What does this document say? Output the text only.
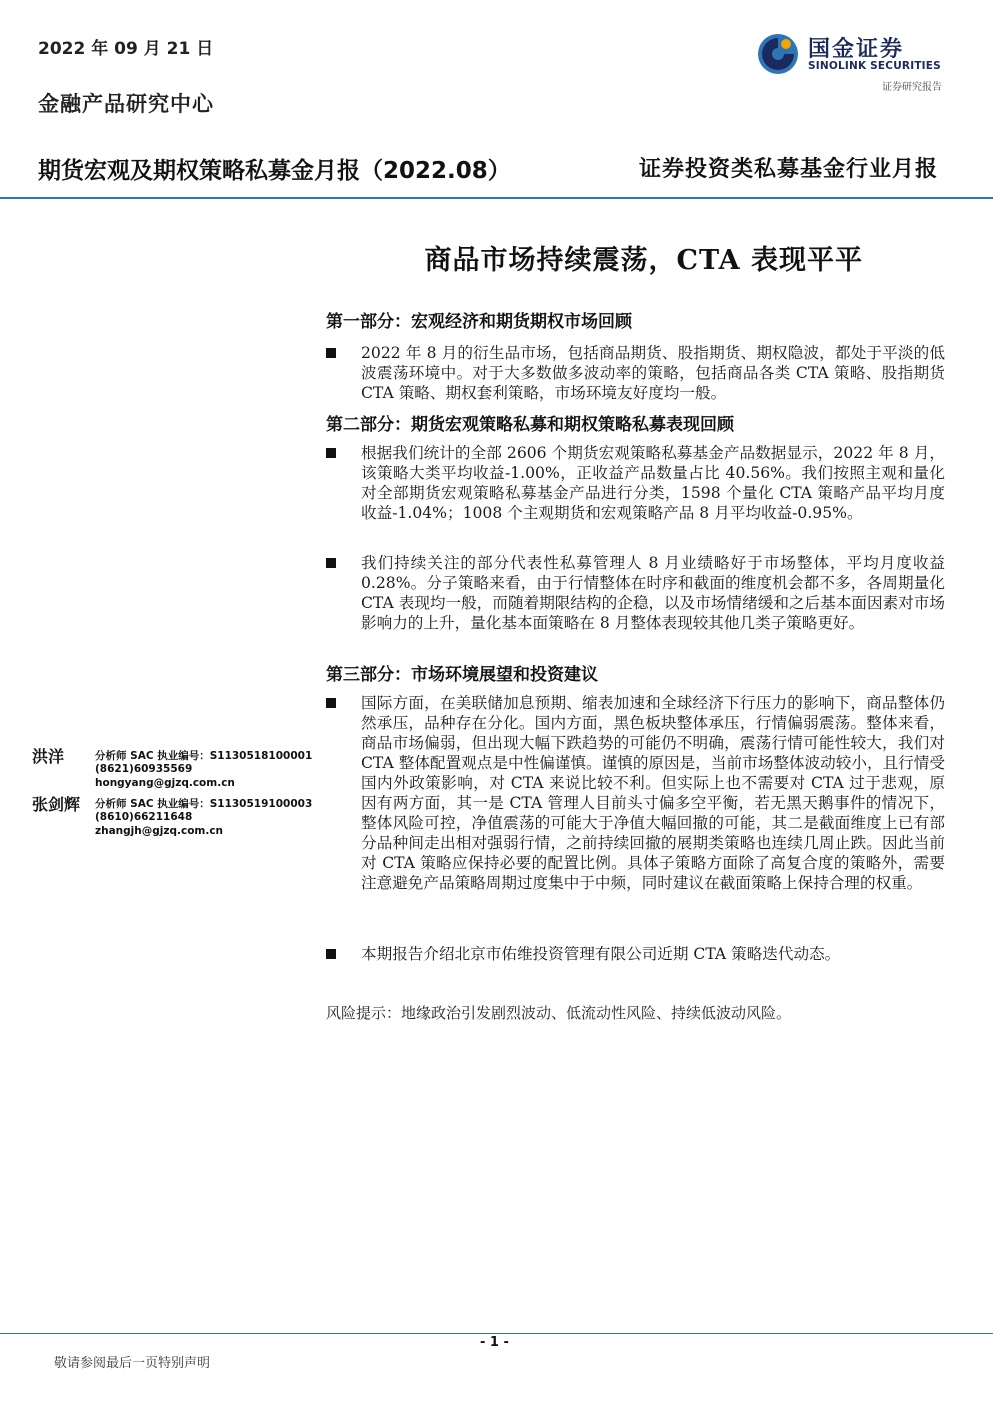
2022 年 09 月 21 日
金融产品研究中心
国金证券
SINOLINK SECURITIES
证券研究报告
期货宏观及期权策略私募金月报（2022.08）	证券投资类私募基金行业月报
商品市场持续震荡，CTA 表现平平
第一部分：宏观经济和期货期权市场回顾
2022 年 8 月的衍生品市场，包括商品期货、股指期货、期权隐波，都处于平淡的低波震荡环境中。对于大多数做多波动率的策略，包括商品各类 CTA 策略、股指期货 CTA 策略、期权套利策略，市场环境友好度均一般。
第二部分：期货宏观策略私募和期权策略私募表现回顾
根据我们统计的全部 2606 个期货宏观策略私募基金产品数据显示，2022 年 8 月，该策略大类平均收益-1.00%，正收益产品数量占比 40.56%。我们按照主观和量化对全部期货宏观策略私募基金产品进行分类，1598 个量化 CTA 策略产品平均月度收益-1.04%；1008 个主观期货和宏观策略产品 8 月平均收益-0.95%。
我们持续关注的部分代表性私募管理人 8 月业绩略好于市场整体，平均月度收益 0.28%。分子策略来看，由于行情整体在时序和截面的维度机会都不多，各周期量化 CTA 表现均一般，而随着期限结构的企稳，以及市场情绪缓和之后基本面因素对市场影响力的上升，量化基本面策略在 8 月整体表现较其他几类子策略更好。
第三部分：市场环境展望和投资建议
国际方面，在美联储加息预期、缩表加速和全球经济下行压力的影响下，商品整体仍然承压，品种存在分化。国内方面，黑色板块整体承压，行情偏弱震荡。整体来看，商品市场偏弱，但出现大幅下跌趋势的可能仍不明确，震荡行情可能性较大，我们对 CTA 整体配置观点是中性偏谨慎。谨慎的原因是，当前市场整体波动较小，且行情受国内外政策影响，对 CTA 来说比较不利。但实际上也不需要对 CTA 过于悲观，原因有两方面，其一是 CTA 管理人目前头寸偏多空平衡，若无黑天鹅事件的情况下，整体风险可控，净值震荡的可能大于净值大幅回撤的可能，其二是截面维度上已有部分品种间走出相对强弱行情，之前持续回撤的展期类策略也连续几周止跌。因此当前对 CTA 策略应保持必要的配置比例。具体子策略方面除了高复合度的策略外，需要注意避免产品策略周期过度集中于中频，同时建议在截面策略上保持合理的权重。
本期报告介绍北京市佑维投资管理有限公司近期 CTA 策略迭代动态。
洪洋	分析师 SAC 执业编号：S1130518100001
(8621)60935569
hongyang@gjzq.com.cn
张剑辉 分析师 SAC 执业编号：S1130519100003
(8610)66211648
zhangjh@gjzq.com.cn
风险提示：地缘政治引发剧烈波动、低流动性风险、持续低波动风险。
- 1 -
敬请参阅最后一页特别声明
